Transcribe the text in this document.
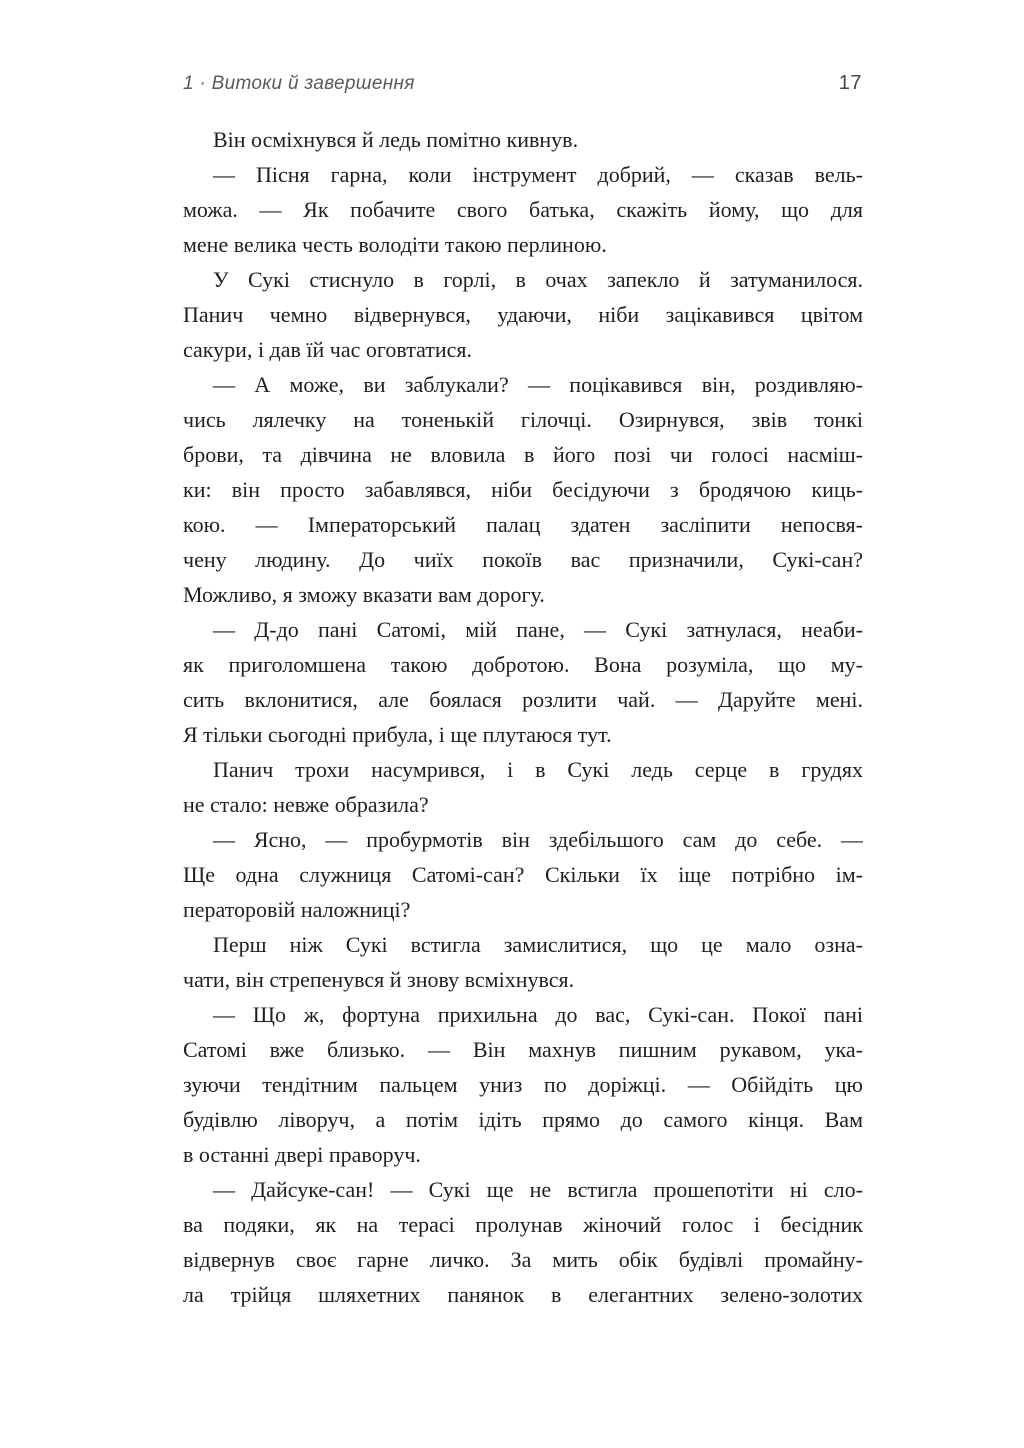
1 · Витоки й завершення	17
Він осміхнувся й ледь помітно кивнув.
— Пісня гарна, коли інструмент добрий, — сказав вель-
можа. — Як побачите свого батька, скажіть йому, що для
мене велика честь володіти такою перлиною.
У Сукі стиснуло в горлі, в очах запекло й затуманилося.
Панич чемно відвернувся, удаючи, ніби зацікавився цвітом
сакури, і дав їй час оговтатися.
— А може, ви заблукали? — поцікавився він, роздивляю-
чись лялечку на тоненькій гілочці. Озирнувся, звів тонкі
брови, та дівчина не вловила в його позі чи голосі насміш-
ки: він просто забавлявся, ніби бесідуючи з бродячою киць-
кою. — Імператорський палац здатен засліпити непосвя-
чену людину. До чиїх покоїв вас призначили, Сукі-сан?
Можливо, я зможу вказати вам дорогу.
— Д-до пані Сатомі, мій пане, — Сукі затнулася, неаби-
як приголомшена такою добротою. Вона розуміла, що му-
сить вклонитися, але боялася розлити чай. — Даруйте мені.
Я тільки сьогодні прибула, і ще плутаюся тут.
Панич трохи насумрився, і в Сукі ледь серце в грудях
не стало: невже образила?
— Ясно, — пробурмотів він здебільшого сам до себе. —
Ще одна служниця Сатомі-сан? Скільки їх іще потрібно ім-
ператоровій наложниці?
Перш ніж Сукі встигла замислитися, що це мало озна-
чати, він стрепенувся й знову всміхнувся.
— Що ж, фортуна прихильна до вас, Сукі-сан. Покої пані
Сатомі вже близько. — Він махнув пишним рукавом, ука-
зуючи тендітним пальцем униз по доріжці. — Обійдіть цю
будівлю ліворуч, а потім ідіть прямо до самого кінця. Вам
в останні двері праворуч.
— Дайсуке-сан! — Сукі ще не встигла прошепотіти ні сло-
ва подяки, як на терасі пролунав жіночий голос і бесідник
відвернув своє гарне личко. За мить обік будівлі промайну-
ла трійця шляхетних панянок в елегантних зелено-золотих
